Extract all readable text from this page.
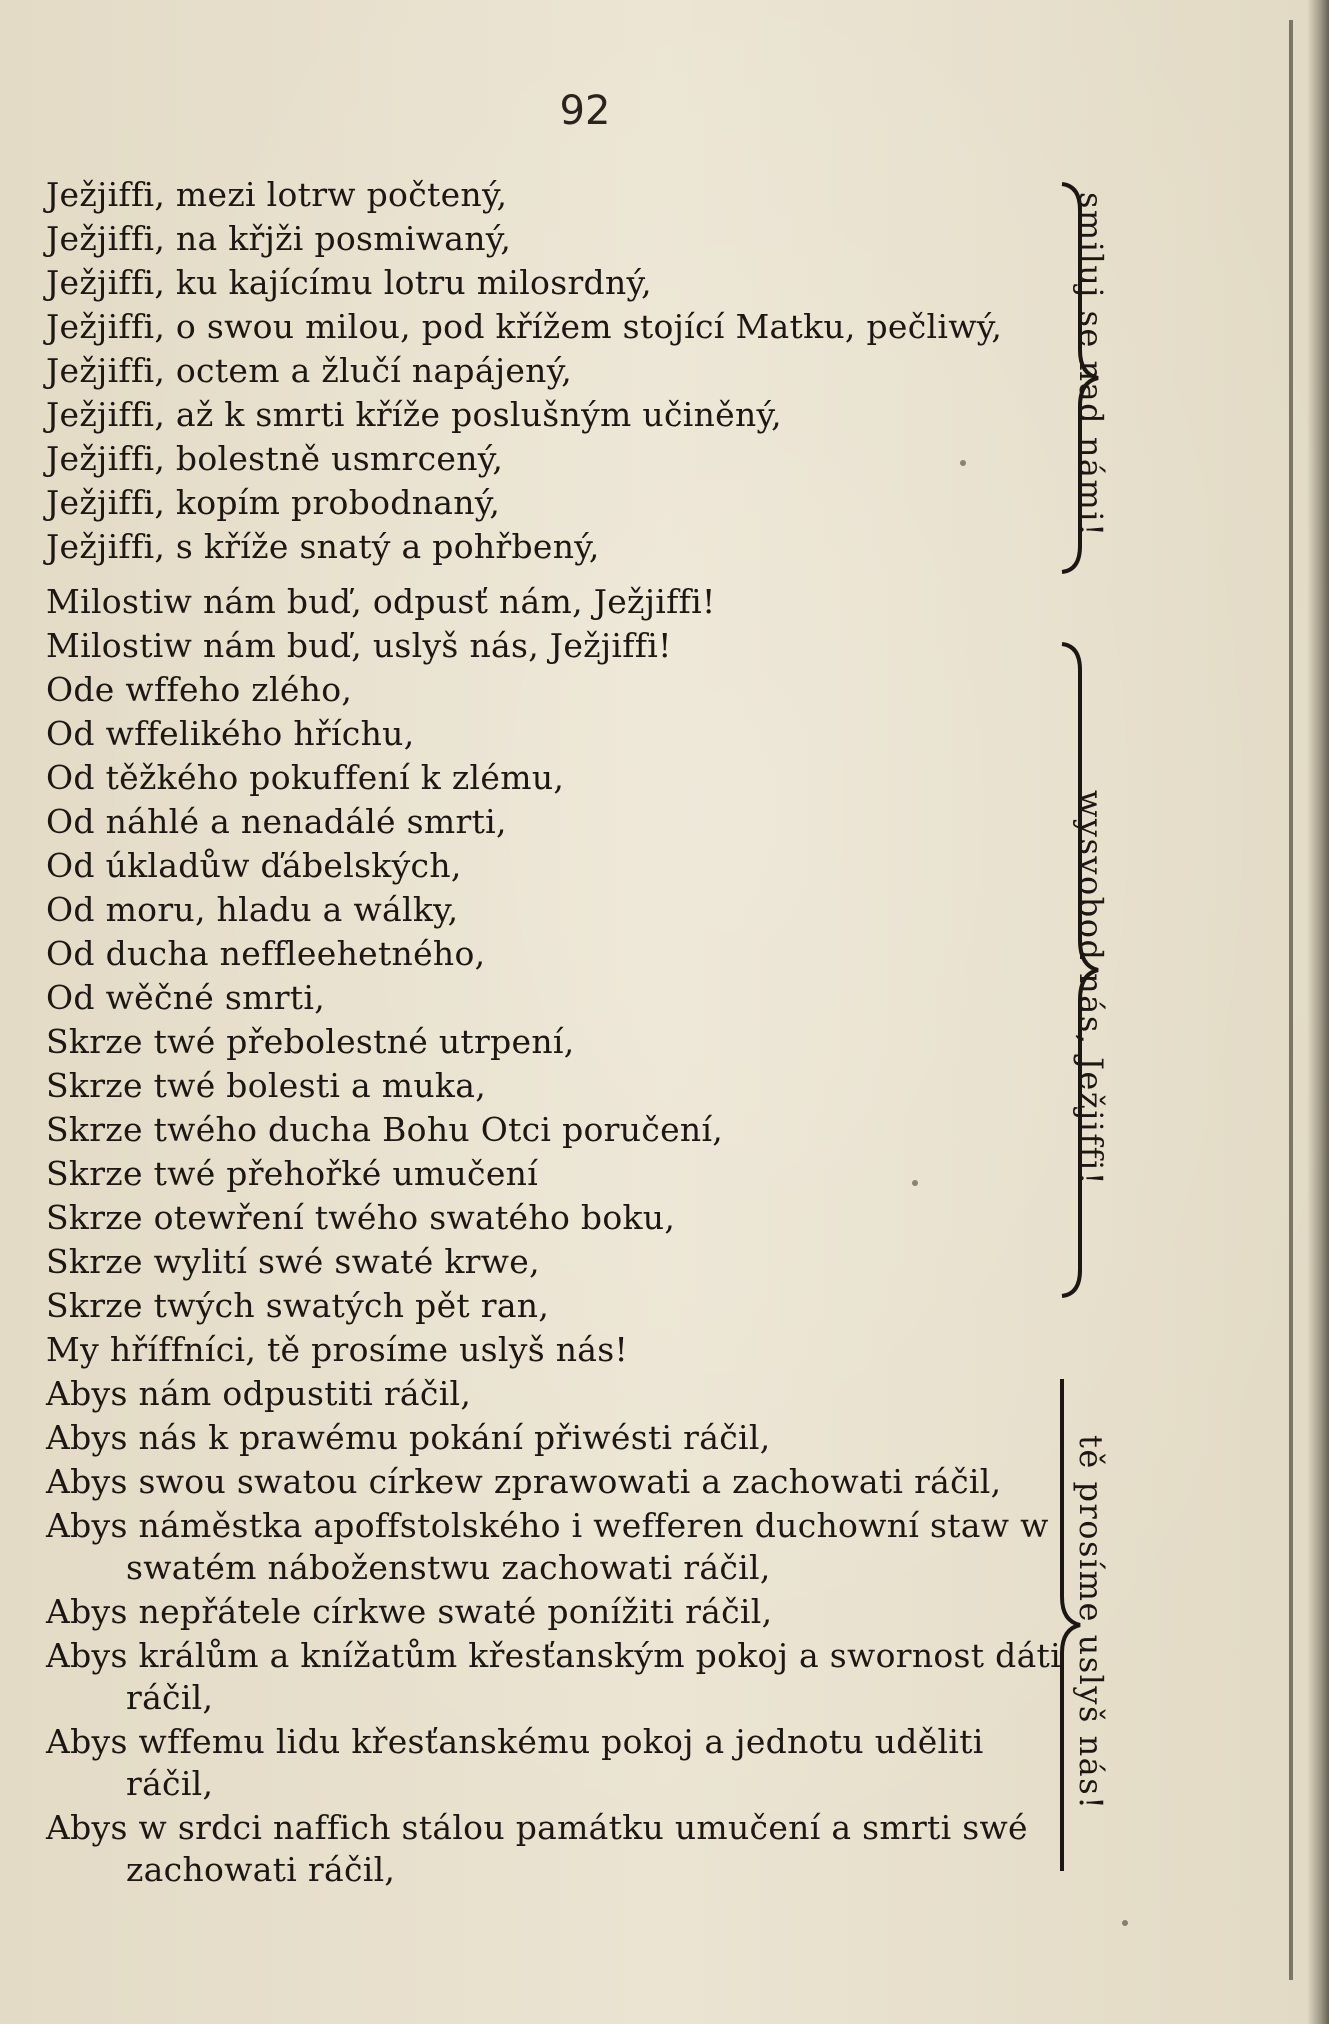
92
Ježjiffi, mezi lotrw počtený,
Ježjiffi, na křjži posmiwaný,
Ježjiffi, ku kajícímu lotru milosrdný,
Ježjiffi, o swou milou, pod křížem stojící Matku, pečliwý,
Ježjiffi, octem a žlučí napájený,
Ježjiffi, až k smrti kříže poslušným učiněný,
Ježjiffi, bolestně usmrcený,
Ježjiffi, kopím probodnaný,
Ježjiffi, s kříže snatý a pohřbený,
smiluj se nad námi!
Milostiw nám buď, odpusť nám, Ježjiffi!
Milostiw nám buď, uslyš nás, Ježjiffi!
Ode wffeho zlého,
Od wffelikého hříchu,
Od těžkého pokuffení k zlému,
Od náhlé a nenadálé smrti,
Od úkladůw ďábelských,
Od moru, hladu a wálky,
Od ducha neffleehetného,
Od wěčné smrti,
Skrze twé přebolestné utrpení,
Skrze twé bolesti a muka,
Skrze twého ducha Bohu Otci poručení,
Skrze twé přehořké umučení
Skrze otewření twého swatého boku,
Skrze wylití swé swaté krwe,
Skrze twých swatých pět ran,
wysvobod nás, Ježjiffi!
My hříffníci, tě prosíme uslyš nás!
Abys nám odpustiti ráčil,
Abys nás k prawému pokání přiwésti ráčil,
Abys swou swatou církew zprawowati a zachowati ráčil,
Abys náměstka apoffstolského i wefferen duchowní staw w
swatém náboženstwu zachowati ráčil,
Abys nepřátele církwe swaté ponížiti ráčil,
Abys králům a knížatům křesťanským pokoj a swornost dáti
ráčil,
Abys wffemu lidu křesťanskému pokoj a jednotu uděliti
ráčil,
Abys w srdci naffich stálou památku umučení a smrti swé
zachowati ráčil,
tě prosíme uslyš nás!
